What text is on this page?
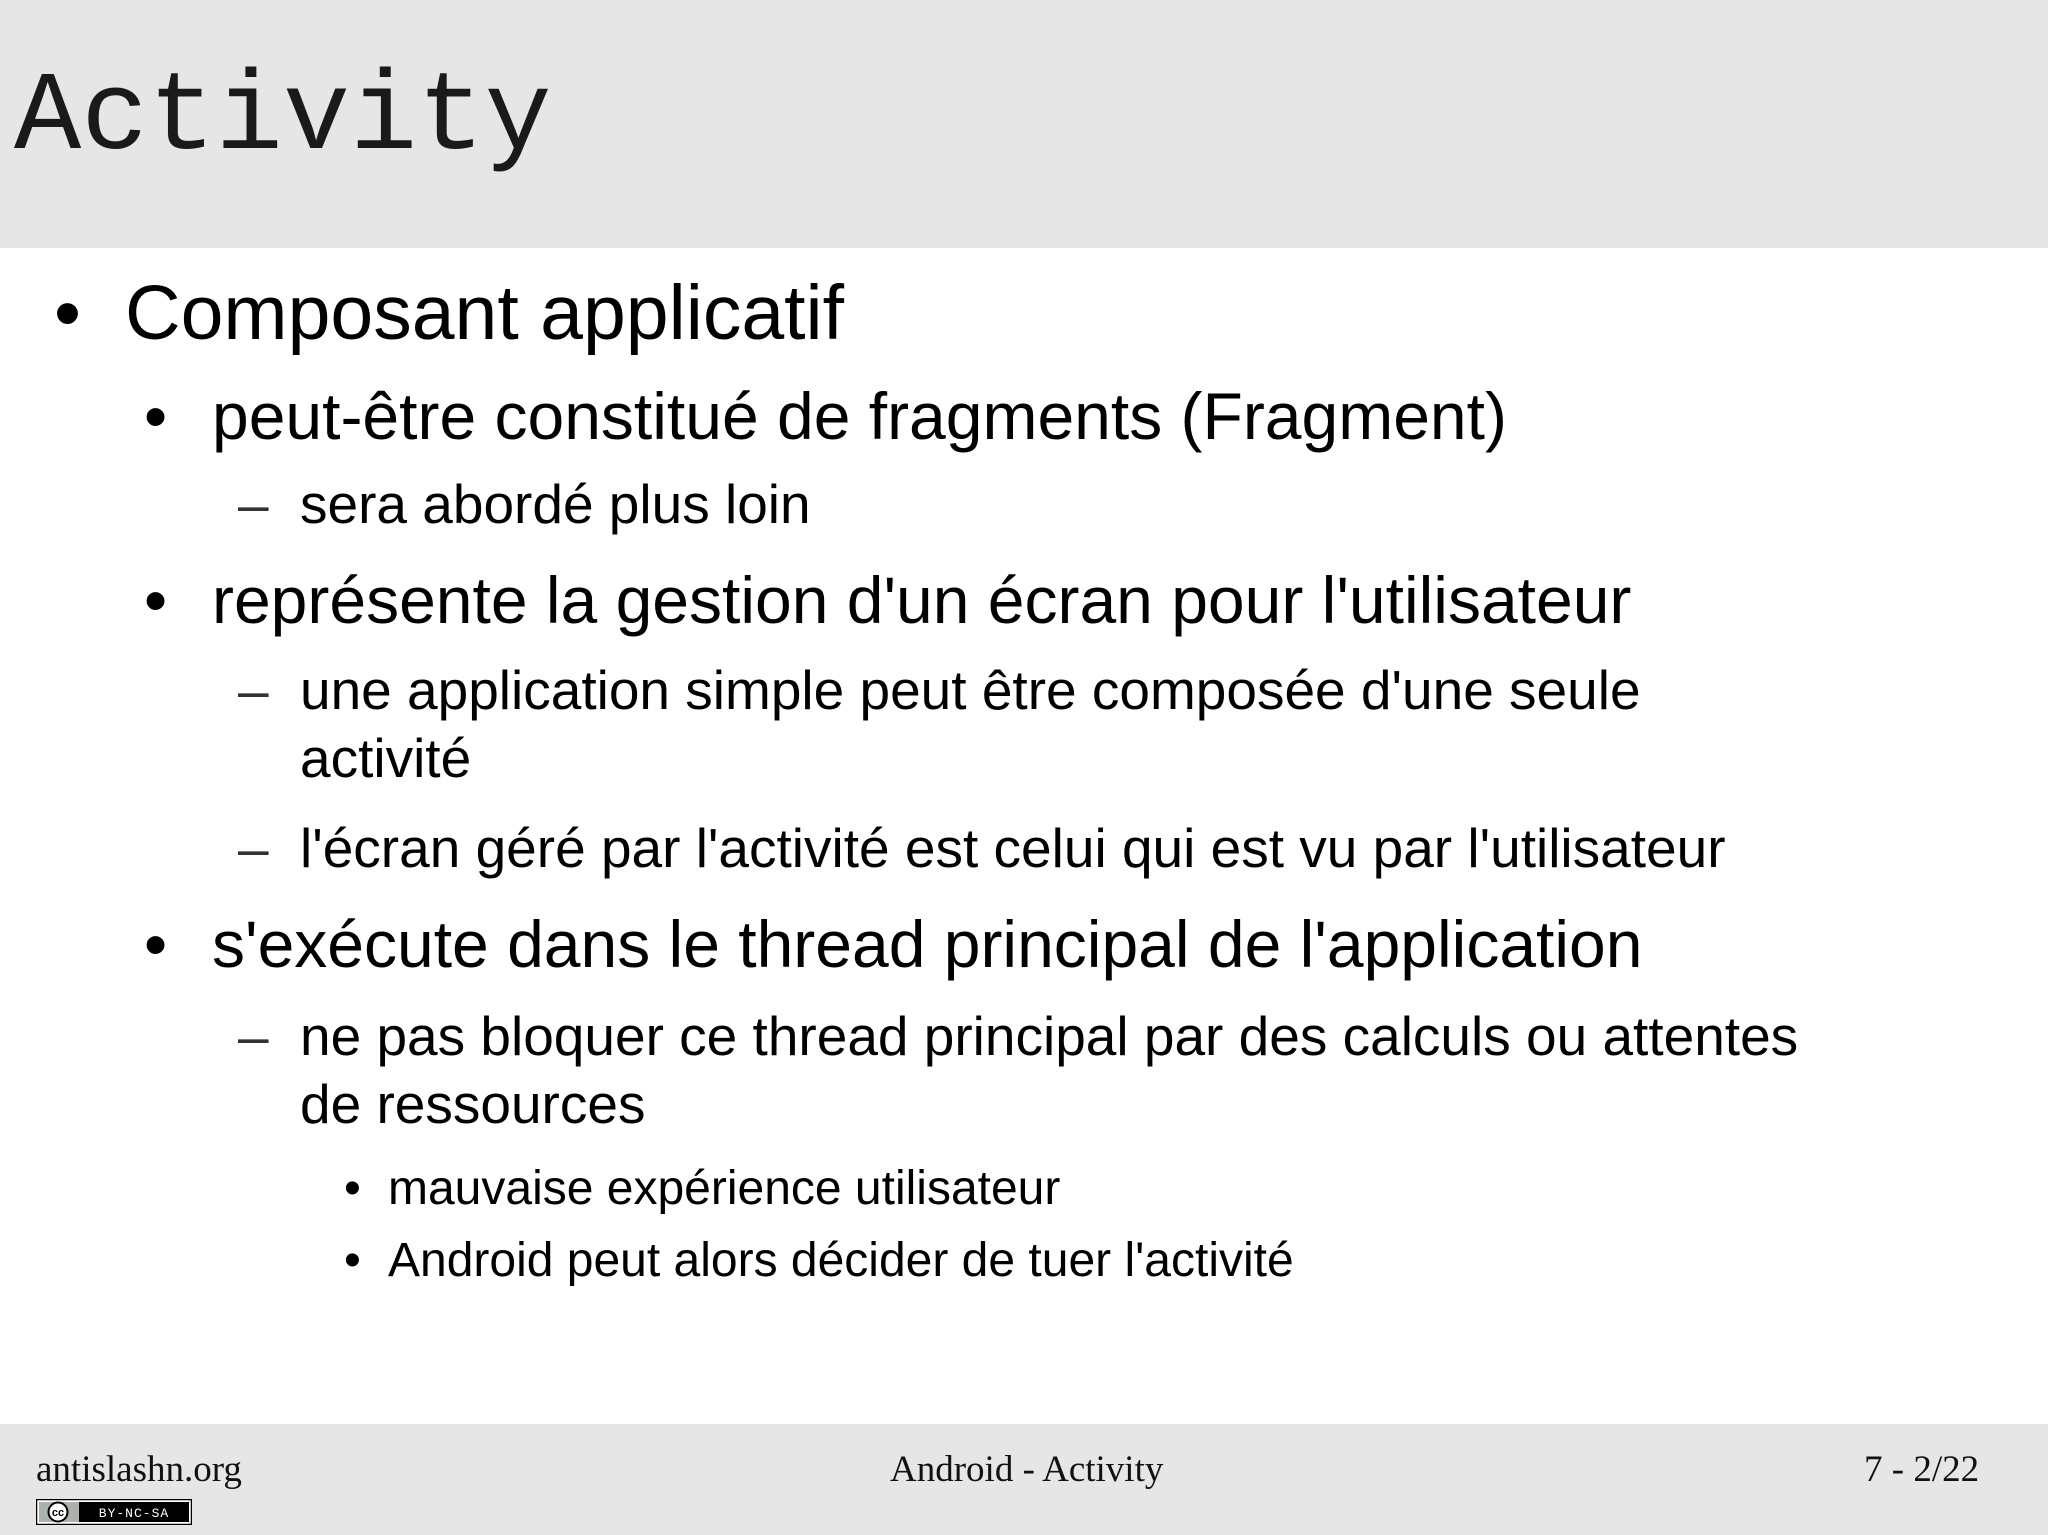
Activity
• Composant applicatif
• peut-être constitué de fragments (Fragment)
– sera abordé plus loin
• représente la gestion d'un écran pour l'utilisateur
– une application simple peut être composée d'une seule
activité
– l'écran géré par l'activité est celui qui est vu par l'utilisateur
• s'exécute dans le thread principal de l'application
– ne pas bloquer ce thread principal par des calculs ou attentes
de ressources
• mauvaise expérience utilisateur
• Android peut alors décider de tuer l'activité
antislashn.org	Android - Activity	7 - 2/22
cc	BY-NC-SA
